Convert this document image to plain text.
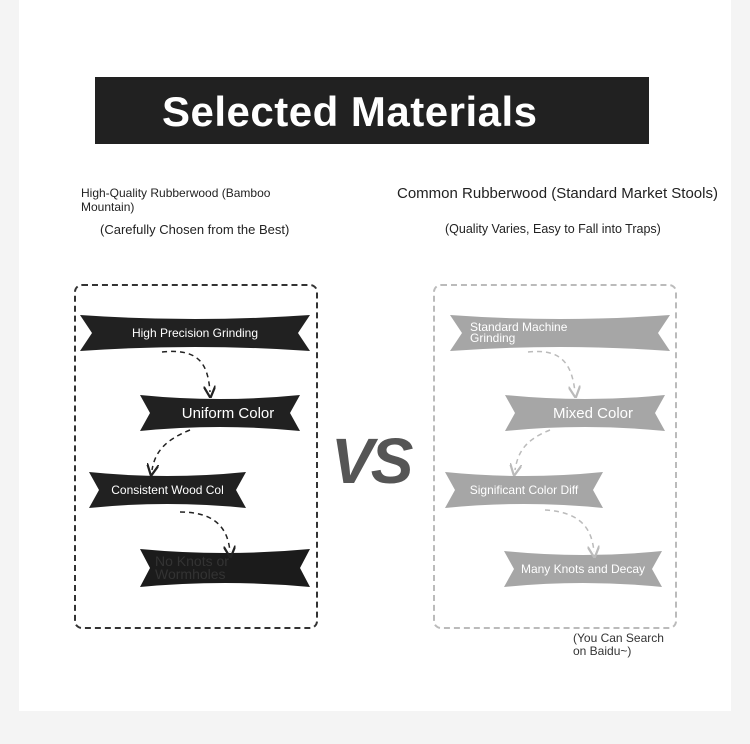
Selected Materials
High-Quality Rubberwood (Bamboo Mountain)
(Carefully Chosen from the Best)
Common Rubberwood (Standard Market Stools)
(Quality Varies, Easy to Fall into Traps)
High Precision Grinding
Uniform Color
Consistent Wood Col
No Knots or Wormholes
VS
Standard Machine Grinding
Mixed Color
Significant Color Diff
Many Knots and Decay
(You Can Search on Baidu~)
